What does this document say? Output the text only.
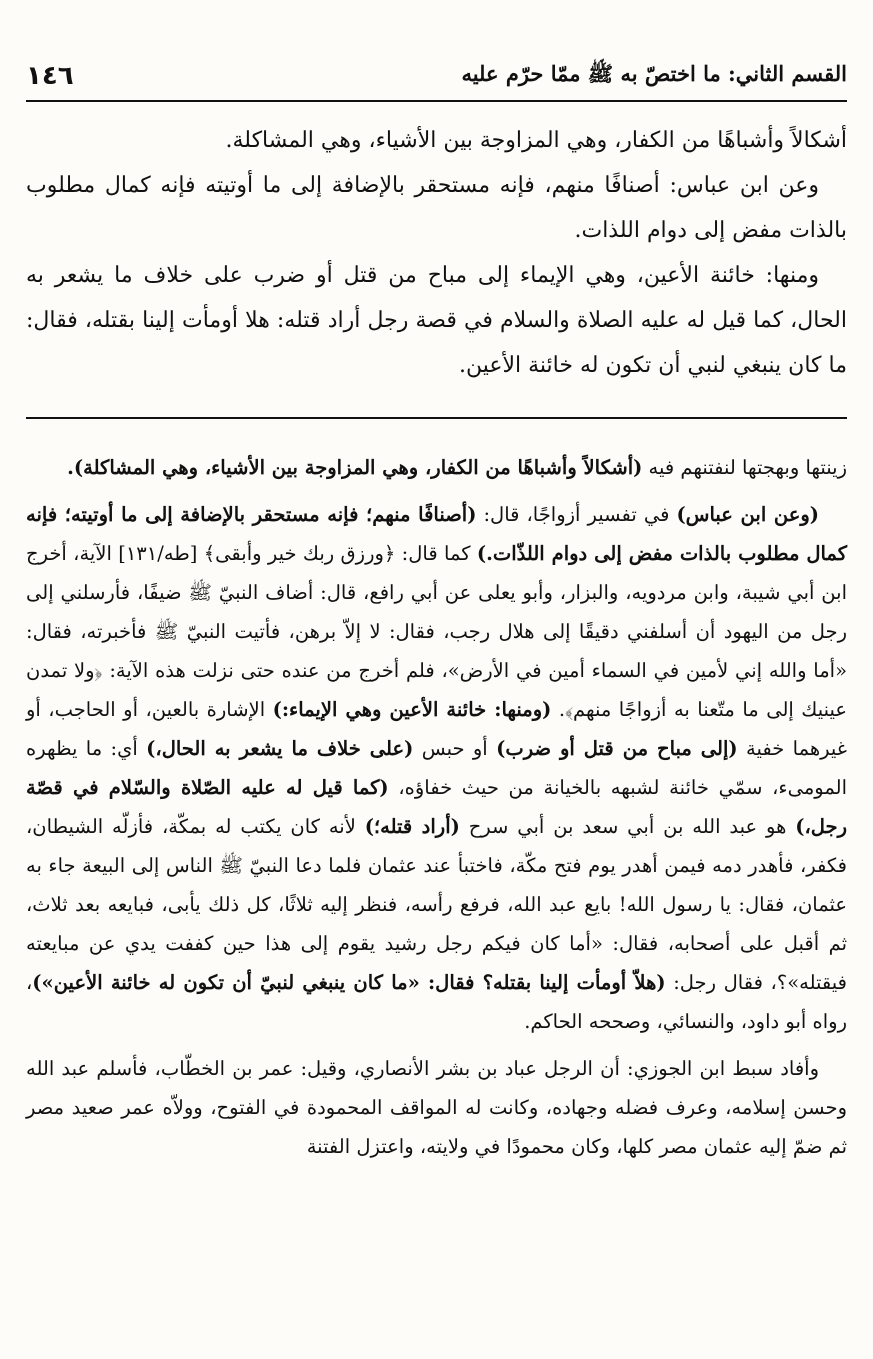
القسم الثاني: ما اختصّ به ﷺ ممّا حرّم عليه
١٤٦

أشكالاً وأشباهًا من الكفار، وهي المزاوجة بين الأشياء، وهي المشاكلة.

وعن ابن عباس: أصنافًا منهم، فإنه مستحقر بالإضافة إلى ما أوتيته فإنه كمال مطلوب بالذات مفض إلى دوام اللذات.

ومنها: خائنة الأعين، وهي الإيماء إلى مباح من قتل أو ضرب على خلاف ما يشعر به الحال، كما قيل له عليه الصلاة والسلام في قصة رجل أراد قتله: هلا أومأت إلينا بقتله، فقال: ما كان ينبغي لنبي أن تكون له خائنة الأعين.

زينتها وبهجتها لنفتنهم فيه (أشكالاً وأشباهًا من الكفار، وهي المزاوجة بين الأشياء، وهي المشاكلة).

(وعن ابن عباس) في تفسير أزواجًا، قال: (أصنافًا منهم؛ فإنه مستحقر بالإضافة إلى ما أوتيته؛ فإنه كمال مطلوب بالذات مفض إلى دوام اللذّات.) كما قال: ﴿ورزق ربك خير وأبقى﴾ [طه/١٣١] الآية، أخرج ابن أبي شيبة، وابن مردويه، والبزار، وأبو يعلى عن أبي رافع، قال: أضاف النبيّ ﷺ ضيفًا، فأرسلني إلى رجل من اليهود أن أسلفني دقيقًا إلى هلال رجب، فقال: لا إلاّ برهن، فأتيت النبيّ ﷺ فأخبرته، فقال: «أما والله إني لأمين في السماء أمين في الأرض»، فلم أخرج من عنده حتى نزلت هذه الآية: ﴿ولا تمدن عينيك إلى ما متّعنا به أزواجًا منهم﴾. (ومنها: خائنة الأعين وهي الإيماء:) الإشارة بالعين، أو الحاجب، أو غيرهما خفية (إلى مباح من قتل أو ضرب) أو حبس (على خلاف ما يشعر به الحال،) أي: ما يظهره المومىء، سمّي خائنة لشبهه بالخيانة من حيث خفاؤه، (كما قيل له عليه الصّلاة والسّلام في قصّة رجل،) هو عبد الله بن أبي سعد بن أبي سرح (أراد قتله؛) لأنه كان يكتب له بمكّة، فأزلّه الشيطان، فكفر، فأهدر دمه فيمن أهدر يوم فتح مكّة، فاختبأ عند عثمان فلما دعا النبيّ ﷺ الناس إلى البيعة جاء به عثمان، فقال: يا رسول الله! بايع عبد الله، فرفع رأسه، فنظر إليه ثلاثًا، كل ذلك يأبى، فبايعه بعد ثلاث، ثم أقبل على أصحابه، فقال: «أما كان فيكم رجل رشيد يقوم إلى هذا حين كففت يدي عن مبايعته فيقتله»؟، فقال رجل: (هلاّ أومأت إلينا بقتله؟ فقال: «ما كان ينبغي لنبيّ أن تكون له خائنة الأعين»)، رواه أبو داود، والنسائي، وصححه الحاكم.

وأفاد سبط ابن الجوزي: أن الرجل عباد بن بشر الأنصاري، وقيل: عمر بن الخطّاب، فأسلم عبد الله وحسن إسلامه، وعرف فضله وجهاده، وكانت له المواقف المحمودة في الفتوح، وولاّه عمر صعيد مصر ثم ضمّ إليه عثمان مصر كلها، وكان محمودًا في ولايته، واعتزل الفتنة
